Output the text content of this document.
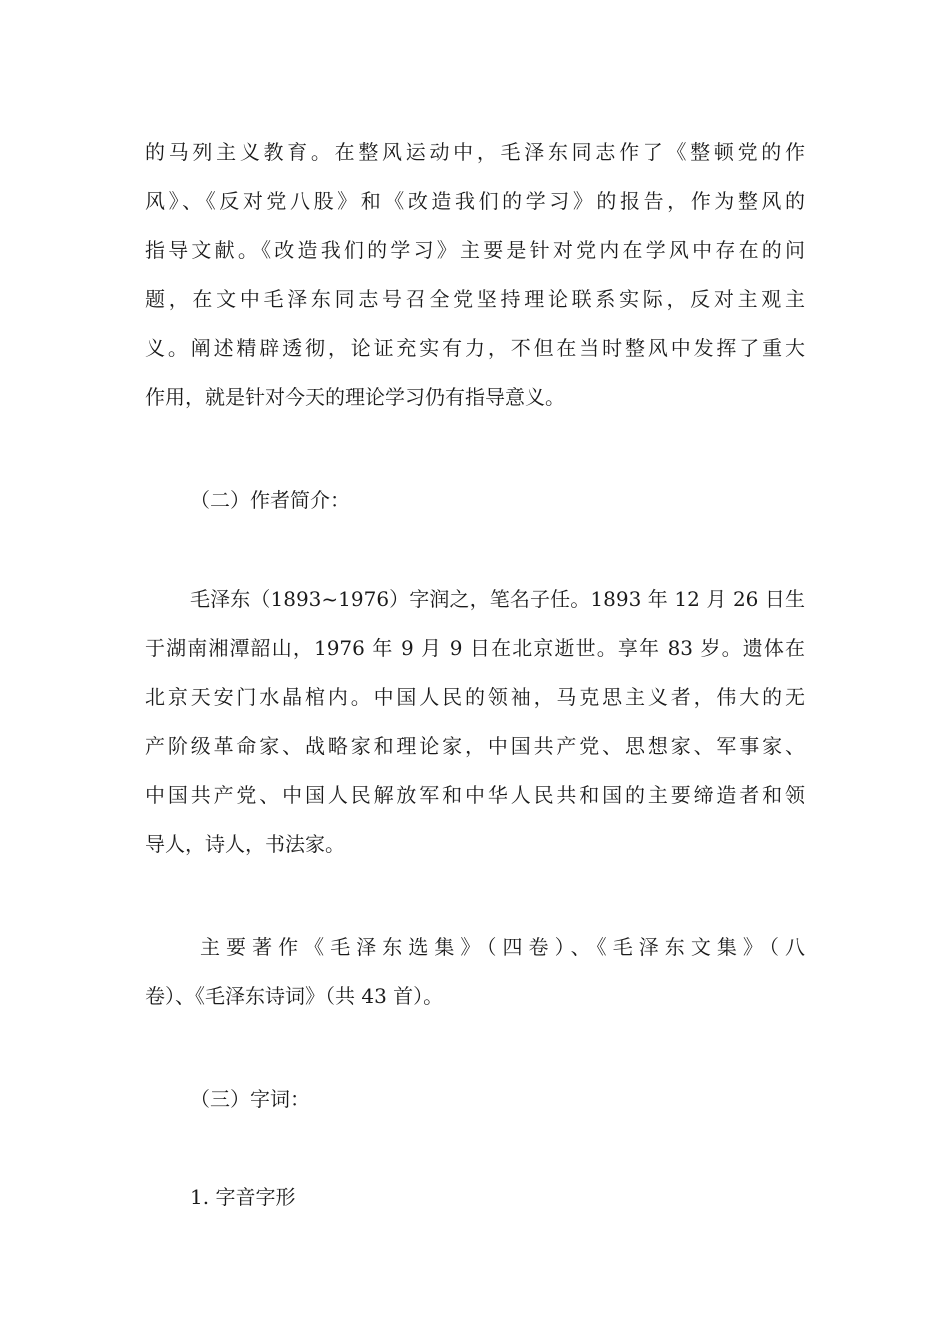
的马列主义教育。在整风运动中，毛泽东同志作了《整顿党的作
风》、《反对党八股》和《改造我们的学习》的报告，作为整风的
指导文献。《改造我们的学习》主要是针对党内在学风中存在的问
题，在文中毛泽东同志号召全党坚持理论联系实际，反对主观主
义。阐述精辟透彻，论证充实有力，不但在当时整风中发挥了重大
作用，就是针对今天的理论学习仍有指导意义。
（二）作者简介：
毛泽东（1893~1976）字润之，笔名子任。1893 年 12 月 26 日生
于湖南湘潭韶山，1976 年 9 月 9 日在北京逝世。享年 83 岁。遗体在
北京天安门水晶棺内。中国人民的领袖，马克思主义者，伟大的无
产阶级革命家、战略家和理论家，中国共产党、思想家、军事家、
中国共产党、中国人民解放军和中华人民共和国的主要缔造者和领
导人，诗人，书法家。
主要著作《毛泽东选集》（四卷）、《毛泽东文集》（八
卷）、《毛泽东诗词》（共 43 首）。
（三）字词：
1. 字音字形
